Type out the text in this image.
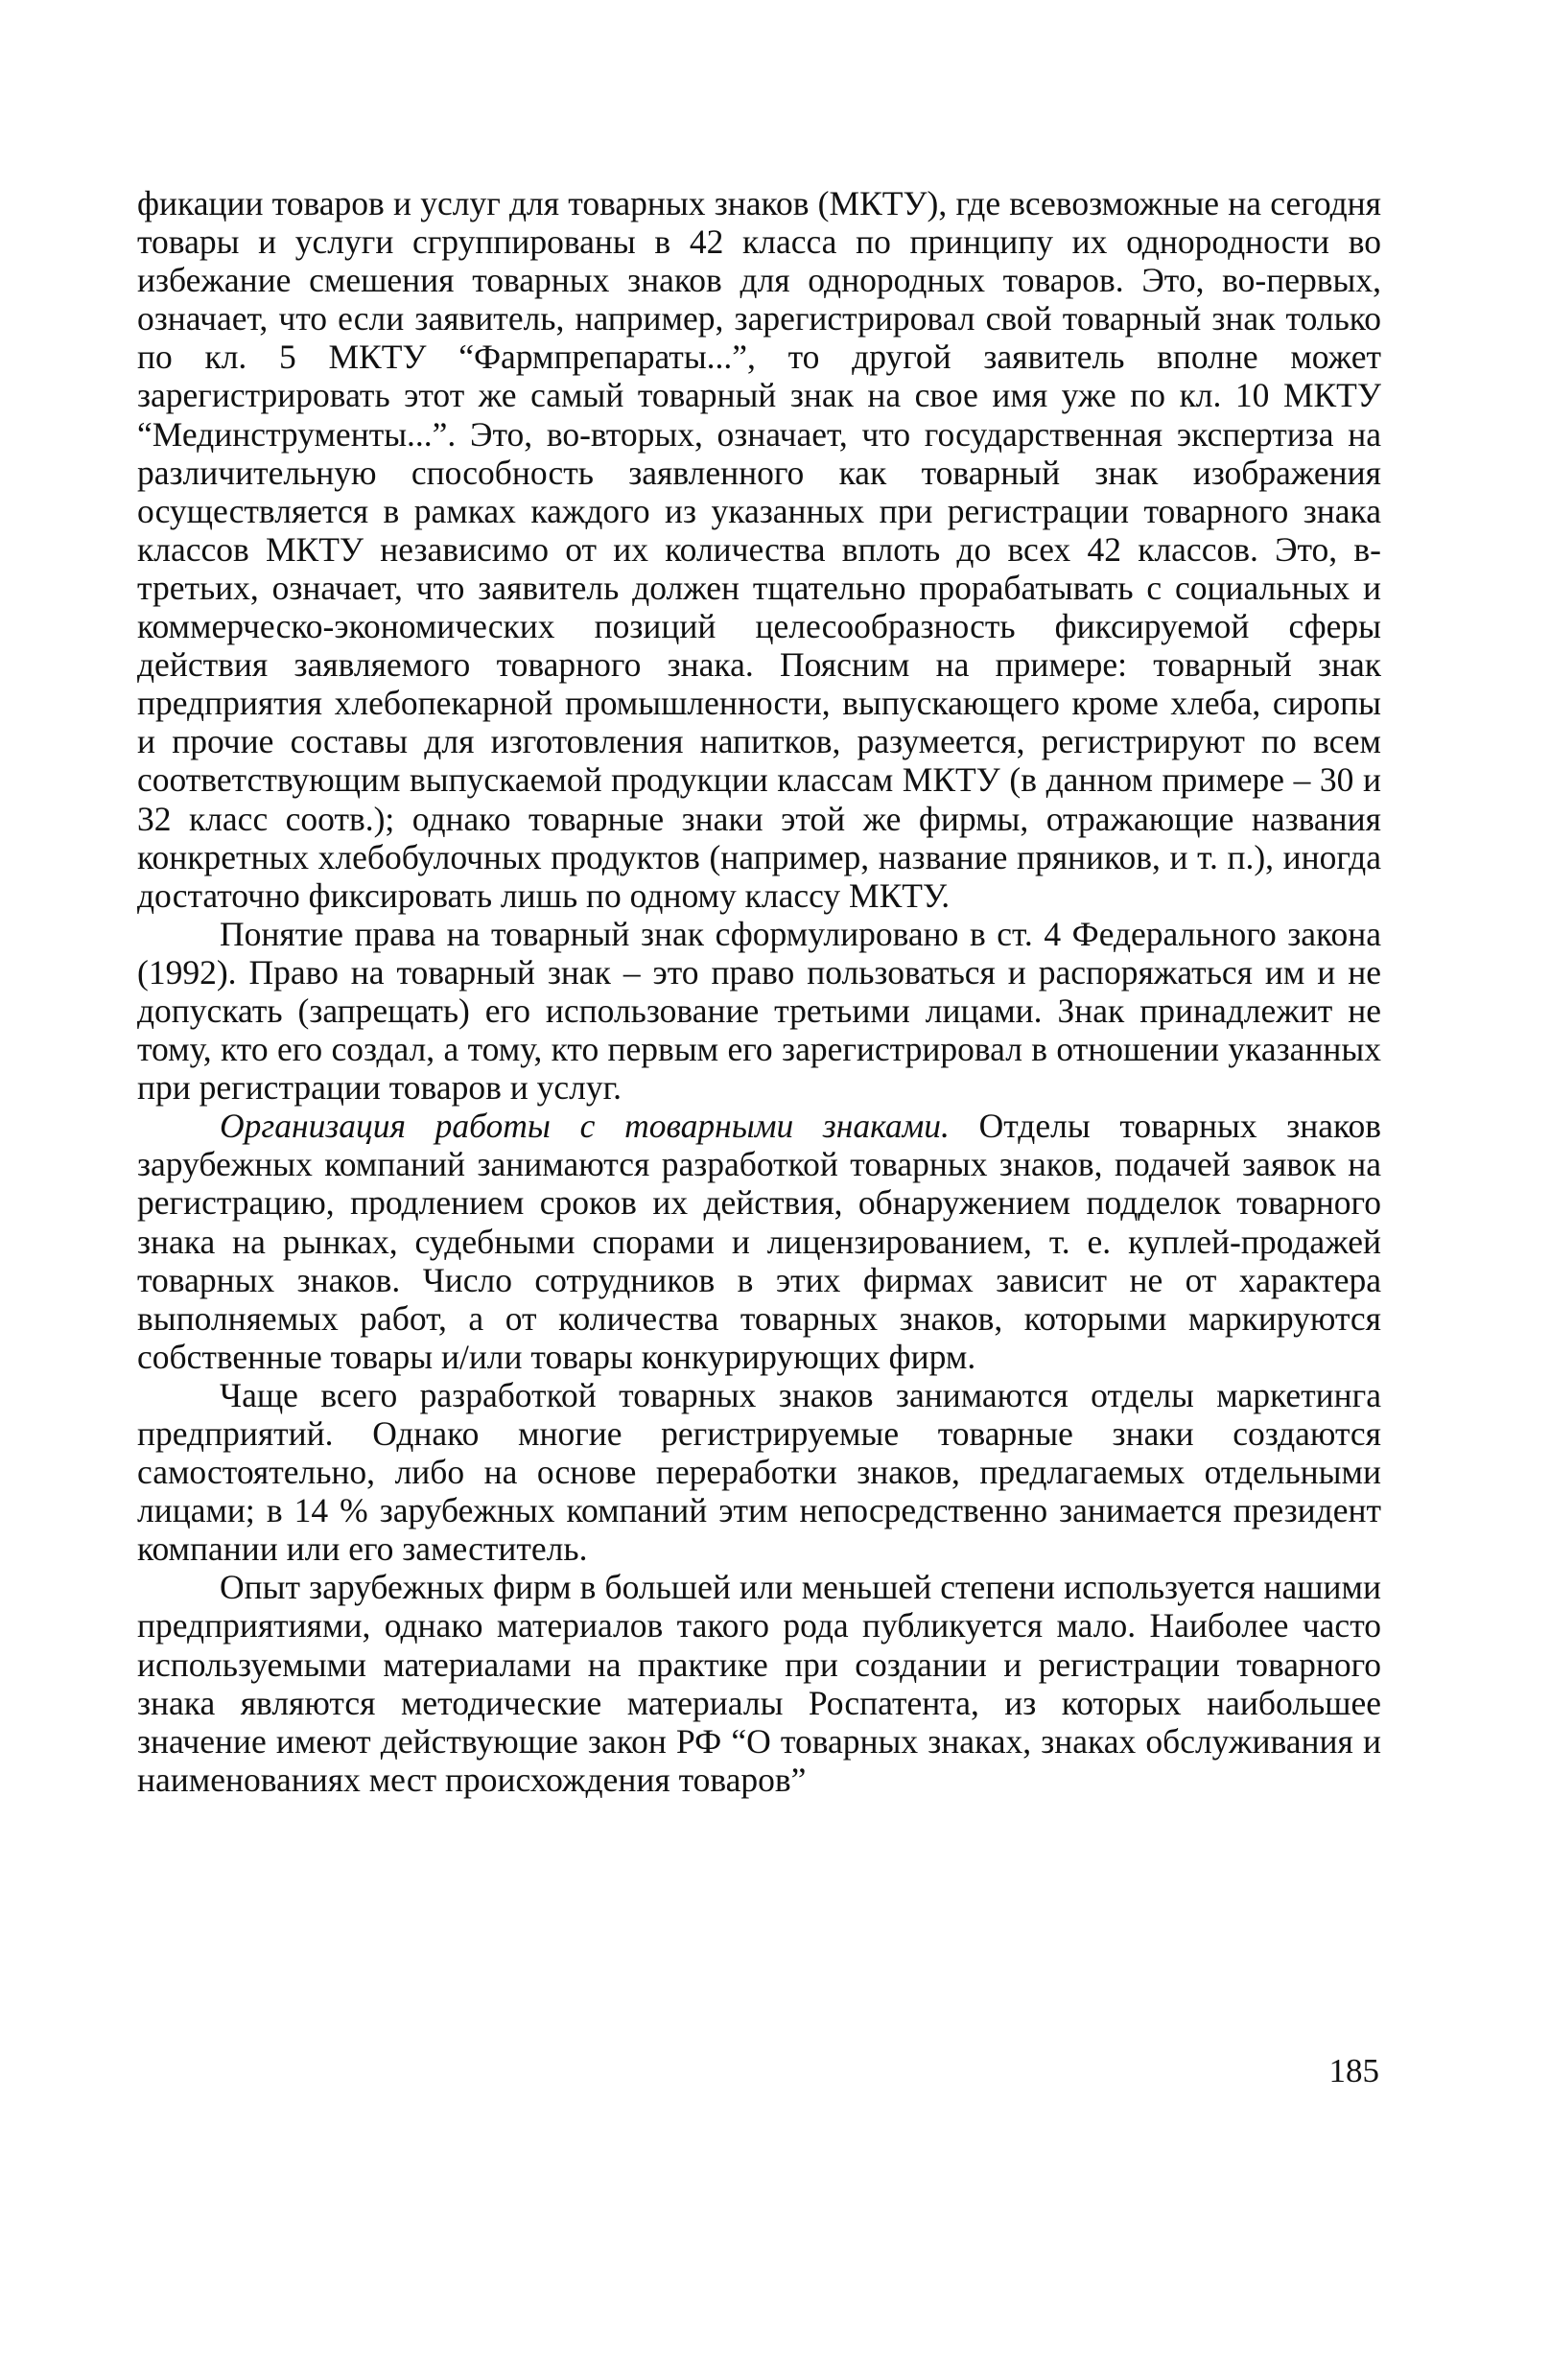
фикации товаров и услуг для товарных знаков (МКТУ), где всевозможные на сегодня товары и услуги сгруппированы в 42 класса по принципу их однородности во избежание смешения товарных знаков для однородных товаров. Это, во-первых, означает, что если заявитель, например, зарегистрировал свой товарный знак только по кл. 5 МКТУ “Фармпрепараты...”, то другой заявитель вполне может зарегистрировать этот же самый товарный знак на свое имя уже по кл. 10 МКТУ “Мединструменты...”. Это, во-вторых, означает, что государственная экспертиза на различительную способность заявленного как товарный знак изображения осуществляется в рамках каждого из указанных при регистрации товарного знака классов МКТУ независимо от их количества вплоть до всех 42 классов. Это, в-третьих, означает, что заявитель должен тщательно прорабатывать с социальных и коммерческо-экономических позиций целесообразность фиксируемой сферы действия заявляемого товарного знака. Поясним на примере: товарный знак предприятия хлебопекарной промышленности, выпускающего кроме хлеба, сиропы и прочие составы для изготовления напитков, разумеется, регистрируют по всем соответствующим выпускаемой продукции классам МКТУ (в данном примере – 30 и 32 класс соотв.); однако товарные знаки этой же фирмы, отражающие названия конкретных хлебобулочных продуктов (например, название пряников, и т. п.), иногда достаточно фиксировать лишь по одному классу МКТУ.

Понятие права на товарный знак сформулировано в ст. 4 Федерального закона (1992). Право на товарный знак – это право пользоваться и распоряжаться им и не допускать (запрещать) его использование третьими лицами. Знак принадлежит не тому, кто его создал, а тому, кто первым его зарегистрировал в отношении указанных при регистрации товаров и услуг.

Организация работы с товарными знаками. Отделы товарных знаков зарубежных компаний занимаются разработкой товарных знаков, подачей заявок на регистрацию, продлением сроков их действия, обнаружением подделок товарного знака на рынках, судебными спорами и лицензированием, т. е. куплей-продажей товарных знаков. Число сотрудников в этих фирмах зависит не от характера выполняемых работ, а от количества товарных знаков, которыми маркируются собственные товары и/или товары конкурирующих фирм.

Чаще всего разработкой товарных знаков занимаются отделы маркетинга предприятий. Однако многие регистрируемые товарные знаки создаются самостоятельно, либо на основе переработки знаков, предлагаемых отдельными лицами; в 14 % зарубежных компаний этим непосредственно занимается президент компании или его заместитель.

Опыт зарубежных фирм в большей или меньшей степени используется нашими предприятиями, однако материалов такого рода публикуется мало. Наиболее часто используемыми материалами на практике при создании и регистрации товарного знака являются методические материалы Роспатента, из которых наибольшее значение имеют действующие закон РФ “О товарных знаках, знаках обслуживания и наименованиях мест происхождения товаров”

185
